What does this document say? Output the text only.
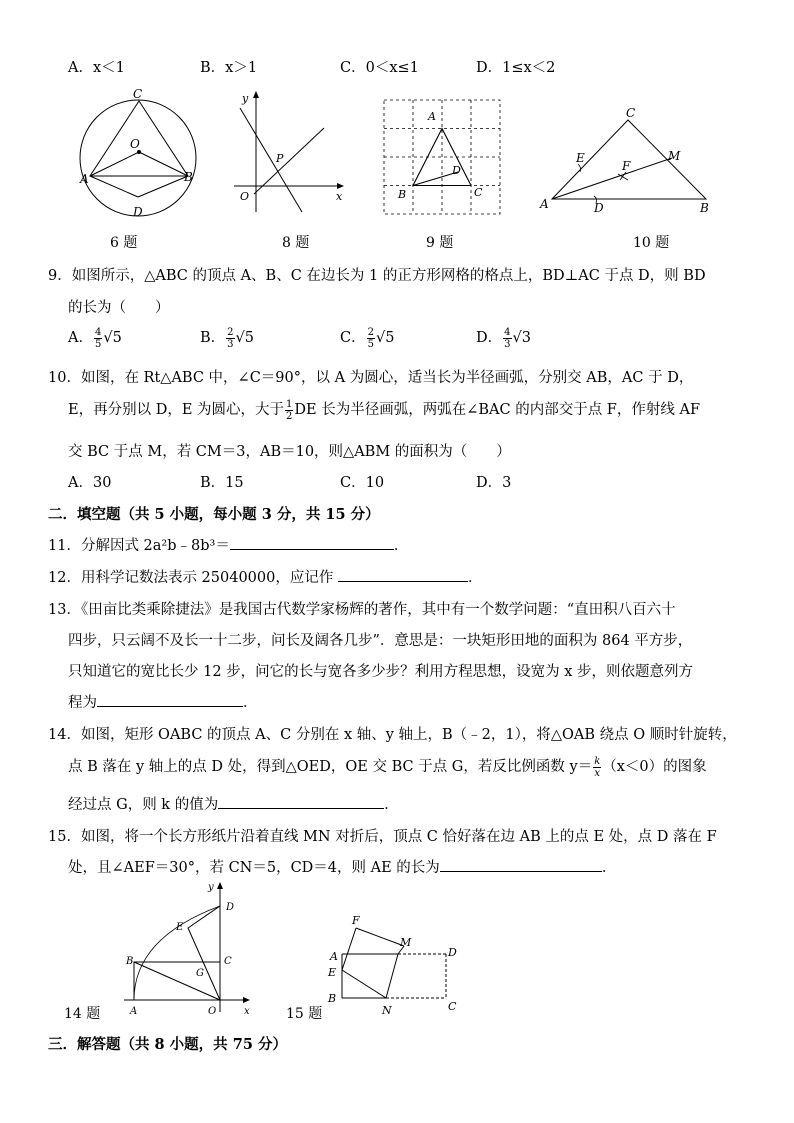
A．x＜1	B．x＞1	C．0＜x≤1	D．1≤x＜2
C
O
A	B
D
y
P
O	x
A
B	C
D
C
E
F
M
A	D	B
6 题	8 题	9 题	10 题
9．如图所示，△ABC 的顶点 A、B、C 在边长为 1 的正方形网格的格点上，BD⊥AC 于点 D，则 BD
的长为（　　）
A． $\frac{4}{5} √5$	B． $\frac{2}{3} √5$	C． $\frac{2}{5} √5$	D． $\frac{4}{3} √3$
10．如图，在 Rt△ABC 中，∠C＝90°，以 A 为圆心，适当长为半径画弧，分别交 AB，AC 于 D，
E，再分别以 D，E 为圆心，大于 $\frac{1}{2}$ DE 长为半径画弧，两弧在∠BAC 的内部交于点 F，作射线 AF
交 BC 于点 M，若 CM＝3，AB＝10，则△ABM 的面积为（　　）
A．30	B．15	C．10	D．3
二．填空题（共 5 小题，每小题 3 分，共 15 分）
11．分解因式 2a²b﹣8b³＝	．
12．用科学记数法表示 25040000，应记作	．
13．《田亩比类乘除捷法》是我国古代数学家杨辉的著作，其中有一个数学问题：“直田积八百六十
四步，只云阔不及长一十二步，问长及阔各几步”．意思是：一块矩形田地的面积为 864 平方步，
只知道它的宽比长少 12 步，问它的长与宽各多少步？利用方程思想，设宽为 x 步，则依题意列方
程为	．
14．如图，矩形 OABC 的顶点 A、C 分别在 x 轴、y 轴上，B（﹣2，1），将△OAB 绕点 O 顺时针旋转，
点 B 落在 y 轴上的点 D 处，得到△OED，OE 交 BC 于点 G，若反比例函数 $y= \frac{k}{x} (x<0)$的图象
经过点 G，则 k 的值为	．
15．如图，将一个长方形纸片沿着直线 MN 对折后，顶点 C 恰好落在边 AB 上的点 E 处，点 D 落在 F
处，且∠AEF＝30°，若 CN＝5，CD＝4，则 AE 的长为	．
y
D
E
B
G
C
A	O	x
14 题
F
M
D
A
E
B
N	C
15 题
三．解答题（共 8 小题，共 75 分）
